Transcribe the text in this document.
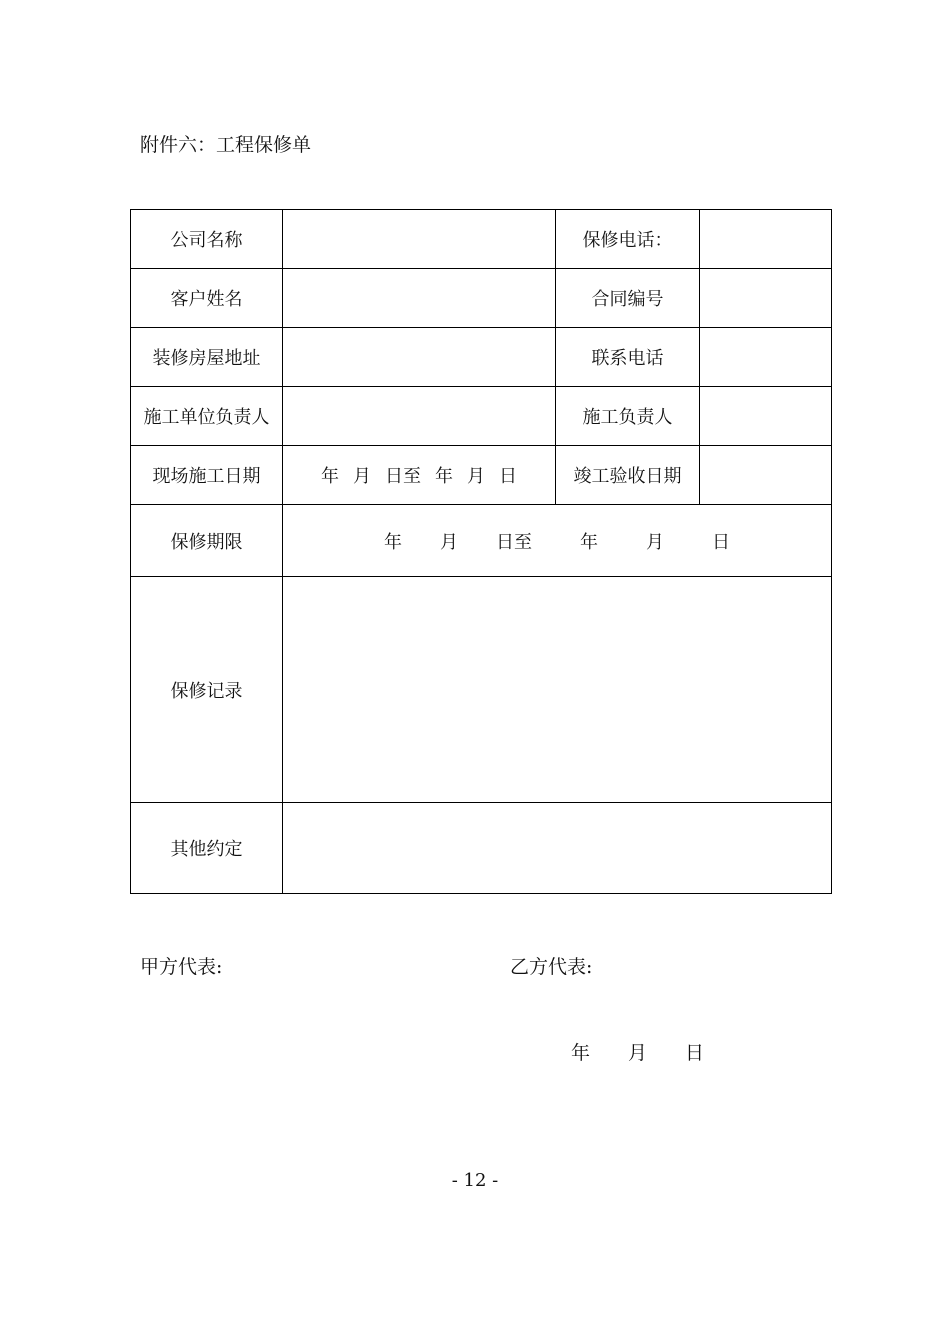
附件六：工程保修单
公司名称		保修电话：	
客户姓名		合同编号	
装修房屋地址		联系电话	
施工单位负责人		施工负责人	
现场施工日期	年 月 日至 年 月 日	竣工验收日期	
保修期限	年 月 日至 年 月 日		
保修记录			
其他约定			
甲方代表:	乙方代表:
年 月 日
- 12 -
